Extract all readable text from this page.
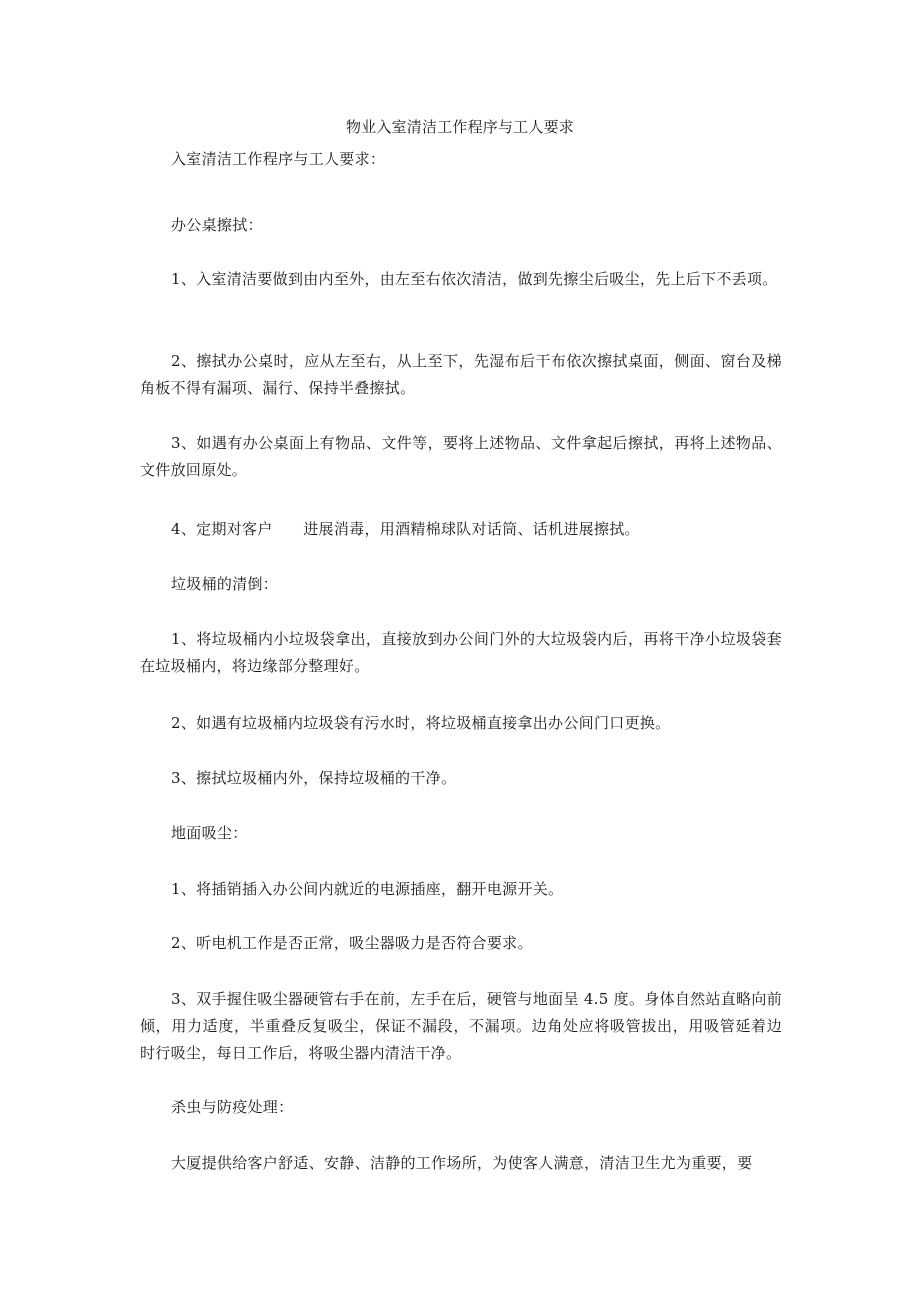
物业入室清洁工作程序与工人要求

入室清洁工作程序与工人要求：

办公桌擦拭：

1、入室清洁要做到由内至外，由左至右依次清洁，做到先擦尘后吸尘，先上后下不丢项。

2、擦拭办公桌时，应从左至右，从上至下，先湿布后干布依次擦拭桌面，侧面、窗台及梯角板不得有漏项、漏行、保持半叠擦拭。

3、如遇有办公桌面上有物品、文件等，要将上述物品、文件拿起后擦拭，再将上述物品、文件放回原处。

4、定期对客户　　进展消毒，用酒精棉球队对话筒、话机进展擦拭。

垃圾桶的清倒：

1、将垃圾桶内小垃圾袋拿出，直接放到办公间门外的大垃圾袋内后，再将干净小垃圾袋套在垃圾桶内，将边缘部分整理好。

2、如遇有垃圾桶内垃圾袋有污水时，将垃圾桶直接拿出办公间门口更换。

3、擦拭垃圾桶内外，保持垃圾桶的干净。

地面吸尘：

1、将插销插入办公间内就近的电源插座，翻开电源开关。

2、听电机工作是否正常，吸尘器吸力是否符合要求。

3、双手握住吸尘器硬管右手在前，左手在后，硬管与地面呈 4.5 度。身体自然站直略向前倾，用力适度，半重叠反复吸尘，保证不漏段，不漏项。边角处应将吸管拔出，用吸管延着边时行吸尘，每日工作后，将吸尘器内清洁干净。

杀虫与防疫处理：

大厦提供给客户舒适、安静、洁静的工作场所，为使客人满意，清洁卫生尤为重要，要
